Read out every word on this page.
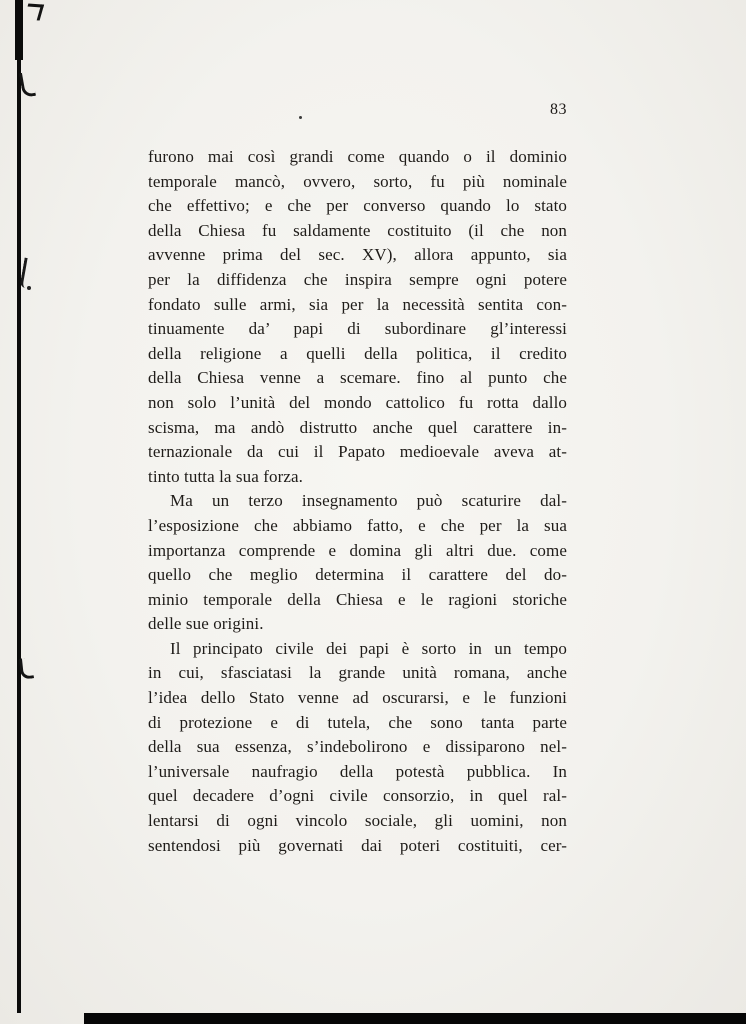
83
furono mai così grandi come quando o il dominio
temporale mancò, ovvero, sorto, fu più nominale
che effettivo; e che per converso quando lo stato
della Chiesa fu saldamente costituito (il che non
avvenne prima del sec. XV), allora appunto, sia
per la diffidenza che inspira sempre ogni potere
fondato sulle armi, sia per la necessità sentita con-
tinuamente da’ papi di subordinare gl’interessi
della religione a quelli della politica, il credito
della Chiesa venne a scemare. fino al punto che
non solo l’unità del mondo cattolico fu rotta dallo
scisma, ma andò distrutto anche quel carattere in-
ternazionale da cui il Papato medioevale aveva at-
tinto tutta la sua forza.
Ma un terzo insegnamento può scaturire dal-
l’esposizione che abbiamo fatto, e che per la sua
importanza comprende e domina gli altri due. come
quello che meglio determina il carattere del do-
minio temporale della Chiesa e le ragioni storiche
delle sue origini.
Il principato civile dei papi è sorto in un tempo
in cui, sfasciatasi la grande unità romana, anche
l’idea dello Stato venne ad oscurarsi, e le funzioni
di protezione e di tutela, che sono tanta parte
della sua essenza, s’indebolirono e dissiparono nel-
l’universale naufragio della potestà pubblica. In
quel decadere d’ogni civile consorzio, in quel ral-
lentarsi di ogni vincolo sociale, gli uomini, non
sentendosi più governati dai poteri costituiti, cer-
